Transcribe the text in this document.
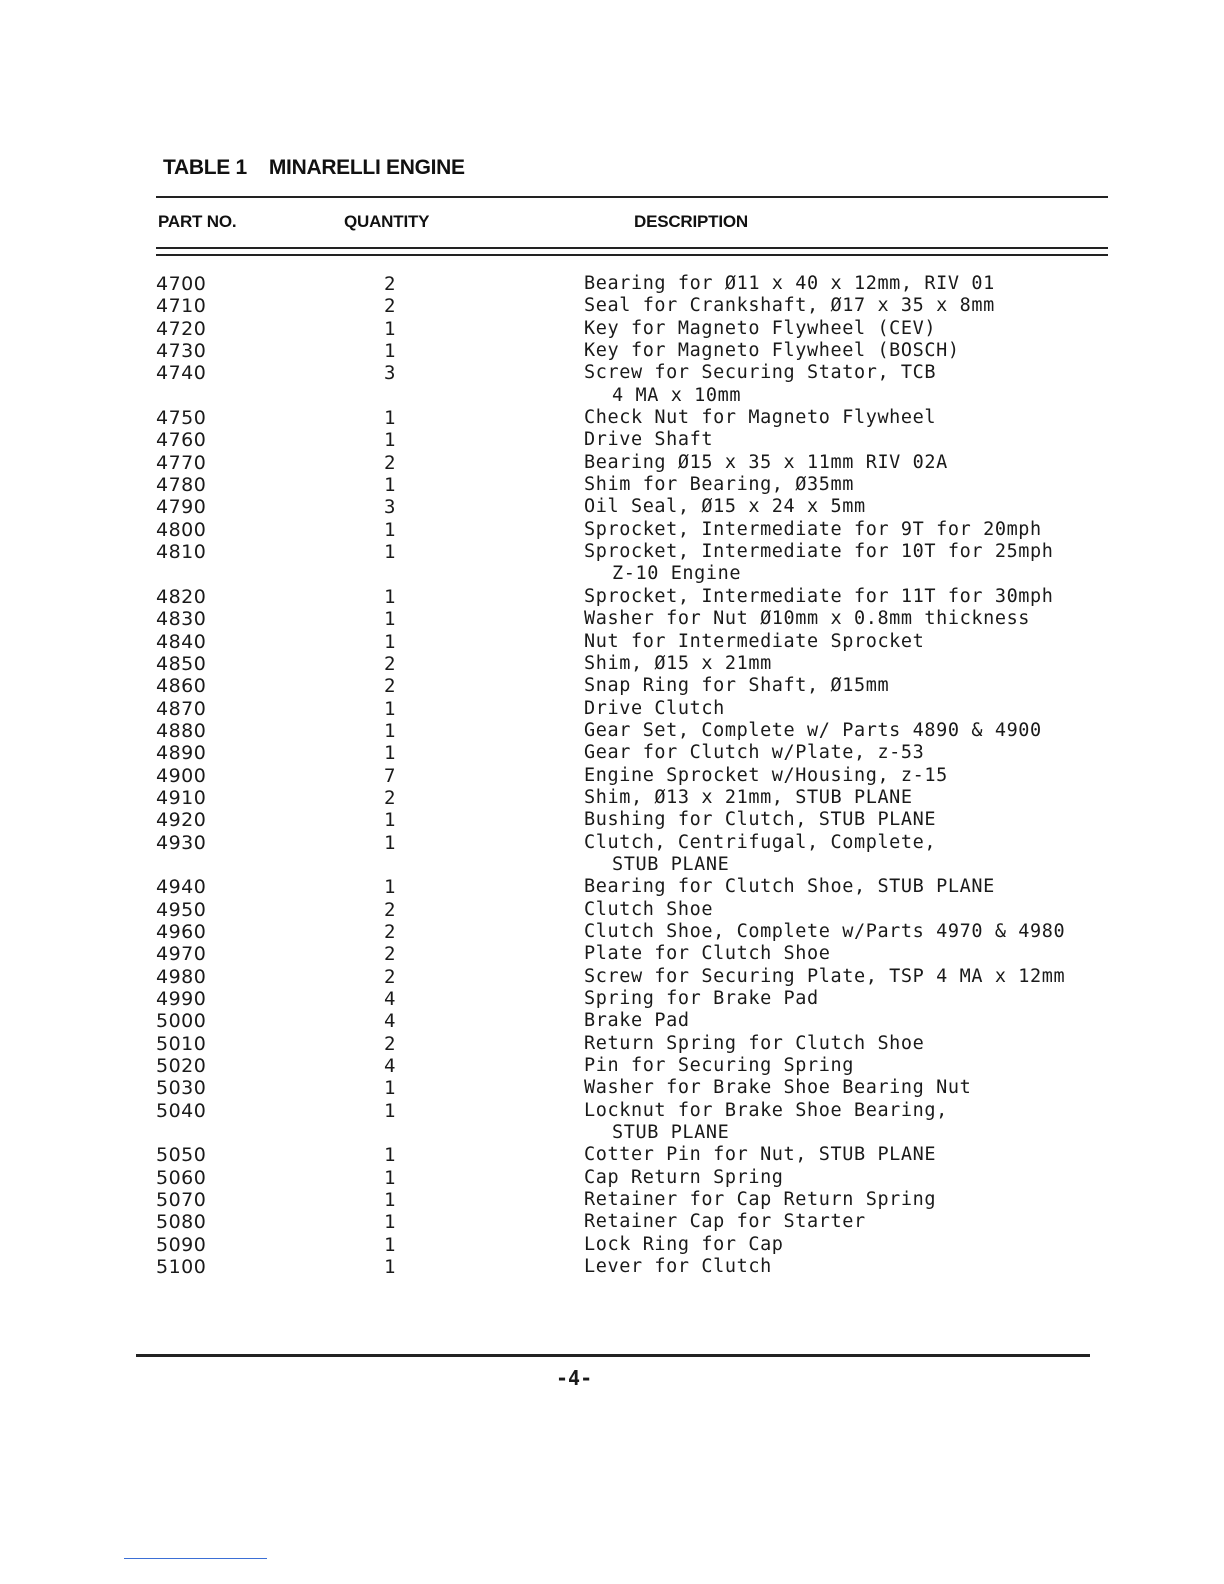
TABLE 1 MINARELLI ENGINE
PART NO.	QUANTITY	DESCRIPTION
4700	2	Bearing for Ø11 x 40 x 12mm, RIV 01
4710	2	Seal for Crankshaft, Ø17 x 35 x 8mm
4720	1	Key for Magneto Flywheel (CEV)
4730	1	Key for Magneto Flywheel (BOSCH)
4740	3	Screw for Securing Stator, TCB
4 MA x 10mm
4750	1	Check Nut for Magneto Flywheel
4760	1	Drive Shaft
4770	2	Bearing Ø15 x 35 x 11mm RIV 02A
4780	1	Shim for Bearing, Ø35mm
4790	3	Oil Seal, Ø15 x 24 x 5mm
4800	1	Sprocket, Intermediate for 9T for 20mph
4810	1	Sprocket, Intermediate for 10T for 25mph
Z-10 Engine
4820	1	Sprocket, Intermediate for 11T for 30mph
4830	1	Washer for Nut Ø10mm x 0.8mm thickness
4840	1	Nut for Intermediate Sprocket
4850	2	Shim, Ø15 x 21mm
4860	2	Snap Ring for Shaft, Ø15mm
4870	1	Drive Clutch
4880	1	Gear Set, Complete w/ Parts 4890 & 4900
4890	1	Gear for Clutch w/Plate, z-53
4900	7	Engine Sprocket w/Housing, z-15
4910	2	Shim, Ø13 x 21mm, STUB PLANE
4920	1	Bushing for Clutch, STUB PLANE
4930	1	Clutch, Centrifugal, Complete,
STUB PLANE
4940	1	Bearing for Clutch Shoe, STUB PLANE
4950	2	Clutch Shoe
4960	2	Clutch Shoe, Complete w/Parts 4970 & 4980
4970	2	Plate for Clutch Shoe
4980	2	Screw for Securing Plate, TSP 4 MA x 12mm
4990	4	Spring for Brake Pad
5000	4	Brake Pad
5010	2	Return Spring for Clutch Shoe
5020	4	Pin for Securing Spring
5030	1	Washer for Brake Shoe Bearing Nut
5040	1	Locknut for Brake Shoe Bearing,
STUB PLANE
5050	1	Cotter Pin for Nut, STUB PLANE
5060	1	Cap Return Spring
5070	1	Retainer for Cap Return Spring
5080	1	Retainer Cap for Starter
5090	1	Lock Ring for Cap
5100	1	Lever for Clutch
-4-
